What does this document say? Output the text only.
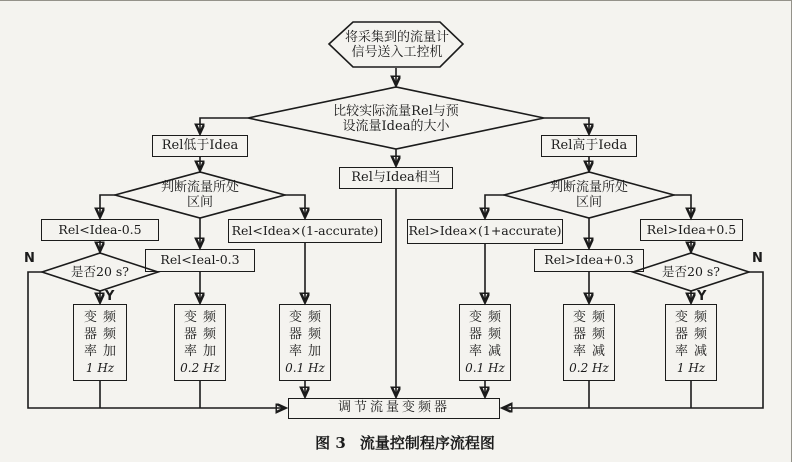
将采集到的流量计
信号送入工控机
比较实际流量Rel与预
设流量Idea的大小
Rel低于Idea
Rel与Idea相当
Rel高于Ieda
判断流量所处
区间
判断流量所处
区间
Rel<Idea-0.5
Rel<Ieal-0.3
Rel<Idea×(1-accurate) Rel>Idea×(1+accurate)
Rel>Idea+0.3
Rel>Idea+0.5
是否20 s?	是否20 s?
N
Y
N
Y
变频
器频
率加
1 Hz
变频
器频
率加
0.2 Hz
变频
器频
率加
0.1 Hz
变频
器频
率减
0.1 Hz
变频
器频
率减
0.2 Hz
变频
器频
率减
1 Hz
调节流量变频器
图 3 流量控制程序流程图
